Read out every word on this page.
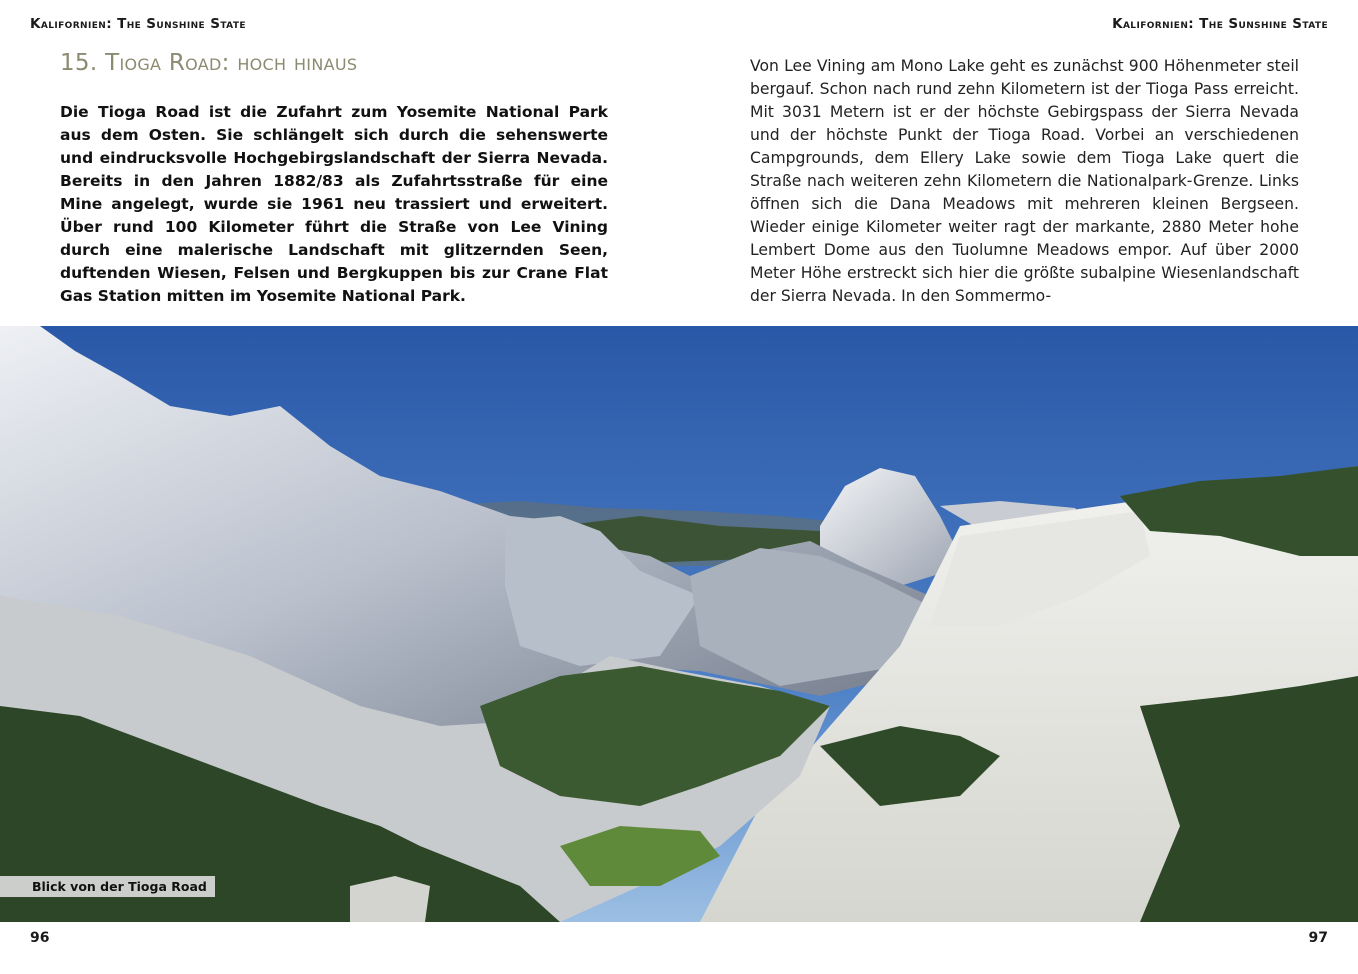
Kalifornien: The Sunshine State	Kalifornien: The Sunshine State
15. Tioga Road: hoch hinaus

Die Tioga Road ist die Zufahrt zum Yosemite National Park aus dem Osten. Sie schlängelt sich durch die sehenswerte und eindrucksvolle Hochgebirgslandschaft der Sierra Nevada. Bereits in den Jahren 1882/83 als Zufahrtsstraße für eine Mine angelegt, wurde sie 1961 neu trassiert und erweitert. Über rund 100 Kilometer führt die Straße von Lee Vining durch eine malerische Landschaft mit glitzernden Seen, duftenden Wiesen, Felsen und Bergkuppen bis zur Crane Flat Gas Station mitten im Yosemite National Park.

Von Lee Vining am Mono Lake geht es zunächst 900 Höhenmeter steil bergauf. Schon nach rund zehn Kilometern ist der Tioga Pass erreicht. Mit 3031 Metern ist er der höchste Gebirgspass der Sierra Nevada und der höchste Punkt der Tioga Road. Vorbei an verschiedenen Campgrounds, dem Ellery Lake sowie dem Tioga Lake quert die Straße nach weiteren zehn Kilometern die Nationalpark-Grenze. Links öffnen sich die Dana Meadows mit mehreren kleinen Bergseen. Wieder einige Kilometer weiter ragt der markante, 2880 Meter hohe Lembert Dome aus den Tuolumne Meadows empor. Auf über 2000 Meter Höhe erstreckt sich hier die größte subalpine Wiesenlandschaft der Sierra Nevada. In den Sommermo-

Blick von der Tioga Road
96	97
